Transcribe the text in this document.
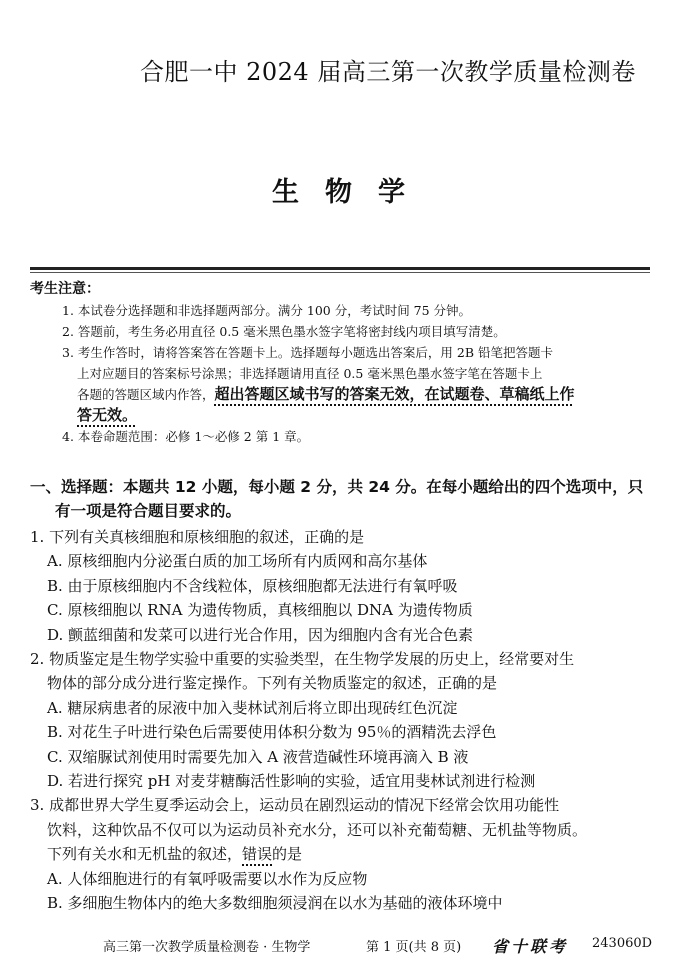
合肥一中 2024 届高三第一次教学质量检测卷
生物学
考生注意：
1. 本试卷分选择题和非选择题两部分。满分 100 分，考试时间 75 分钟。
2. 答题前，考生务必用直径 0.5 毫米黑色墨水签字笔将密封线内项目填写清楚。
3. 考生作答时，请将答案答在答题卡上。选择题每小题选出答案后，用 2B 铅笔把答题卡
上对应题目的答案标号涂黑；非选择题请用直径 0.5 毫米黑色墨水签字笔在答题卡上
各题的答题区域内作答，超出答题区域书写的答案无效，在试题卷、草稿纸上作
答无效。
4. 本卷命题范围：必修 1～必修 2 第 1 章。
一、选择题：本题共 12 小题，每小题 2 分，共 24 分。在每小题给出的四个选项中，只
有一项是符合题目要求的。
1. 下列有关真核细胞和原核细胞的叙述，正确的是
A. 原核细胞内分泌蛋白质的加工场所有内质网和高尔基体
B. 由于原核细胞内不含线粒体，原核细胞都无法进行有氧呼吸
C. 原核细胞以 RNA 为遗传物质，真核细胞以 DNA 为遗传物质
D. 颤蓝细菌和发菜可以进行光合作用，因为细胞内含有光合色素
2. 物质鉴定是生物学实验中重要的实验类型，在生物学发展的历史上，经常要对生
物体的部分成分进行鉴定操作。下列有关物质鉴定的叙述，正确的是
A. 糖尿病患者的尿液中加入斐林试剂后将立即出现砖红色沉淀
B. 对花生子叶进行染色后需要使用体积分数为 95％的酒精洗去浮色
C. 双缩脲试剂使用时需要先加入 A 液营造碱性环境再滴入 B 液
D. 若进行探究 pH 对麦芽糖酶活性影响的实验，适宜用斐林试剂进行检测
3. 成都世界大学生夏季运动会上，运动员在剧烈运动的情况下经常会饮用功能性
饮料，这种饮品不仅可以为运动员补充水分，还可以补充葡萄糖、无机盐等物质。
下列有关水和无机盐的叙述，错误的是
A. 人体细胞进行的有氧呼吸需要以水作为反应物
B. 多细胞生物体内的绝大多数细胞须浸润在以水为基础的液体环境中
高三第一次教学质量检测卷 · 生物学	第 1 页(共 8 页) 省十联考 243060D
